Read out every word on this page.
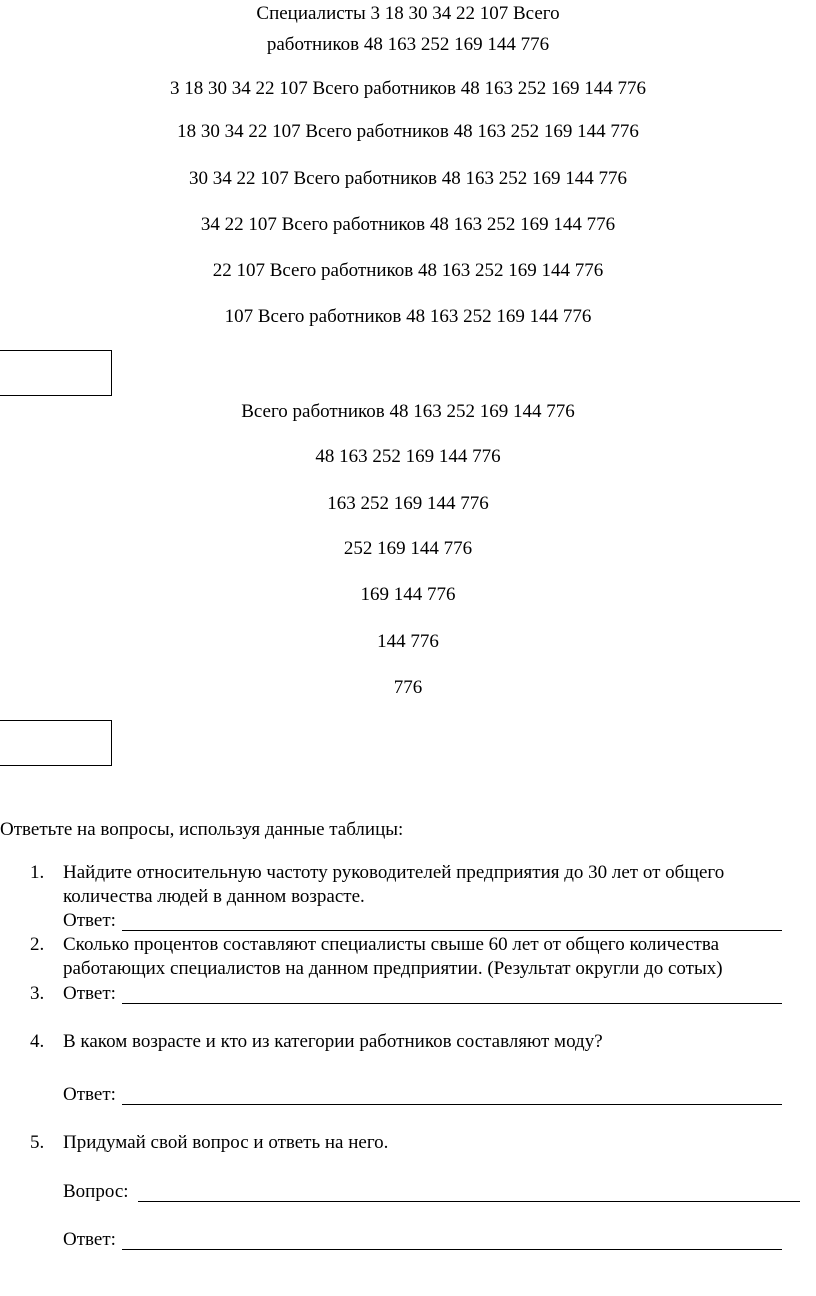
Специалисты 3 18 30 34 22 107 Всего
работников 48 163 252 169 144 776
3 18 30 34 22 107 Всего работников 48 163 252 169 144 776
18 30 34 22 107 Всего работников 48 163 252 169 144 776
30 34 22 107 Всего работников 48 163 252 169 144 776
34 22 107 Всего работников 48 163 252 169 144 776
22 107 Всего работников 48 163 252 169 144 776
107 Всего работников 48 163 252 169 144 776
Всего работников 48 163 252 169 144 776
48 163 252 169 144 776
163 252 169 144 776
252 169 144 776
169 144 776
144 776
776
Ответьте на вопросы, используя данные таблицы:
1. Найдите относительную частоту руководителей предприятия до 30 лет от общего
количества людей в данном возрасте.
Ответ:
2. Сколько процентов составляют специалисты свыше 60 лет от общего количества
работающих специалистов на данном предприятии. (Результат округли до сотых)
3. Ответ:
4. В каком возрасте и кто из категории работников составляют моду?
Ответ:
5. Придумай свой вопрос и ответь на него.
Вопрос:
Ответ:
